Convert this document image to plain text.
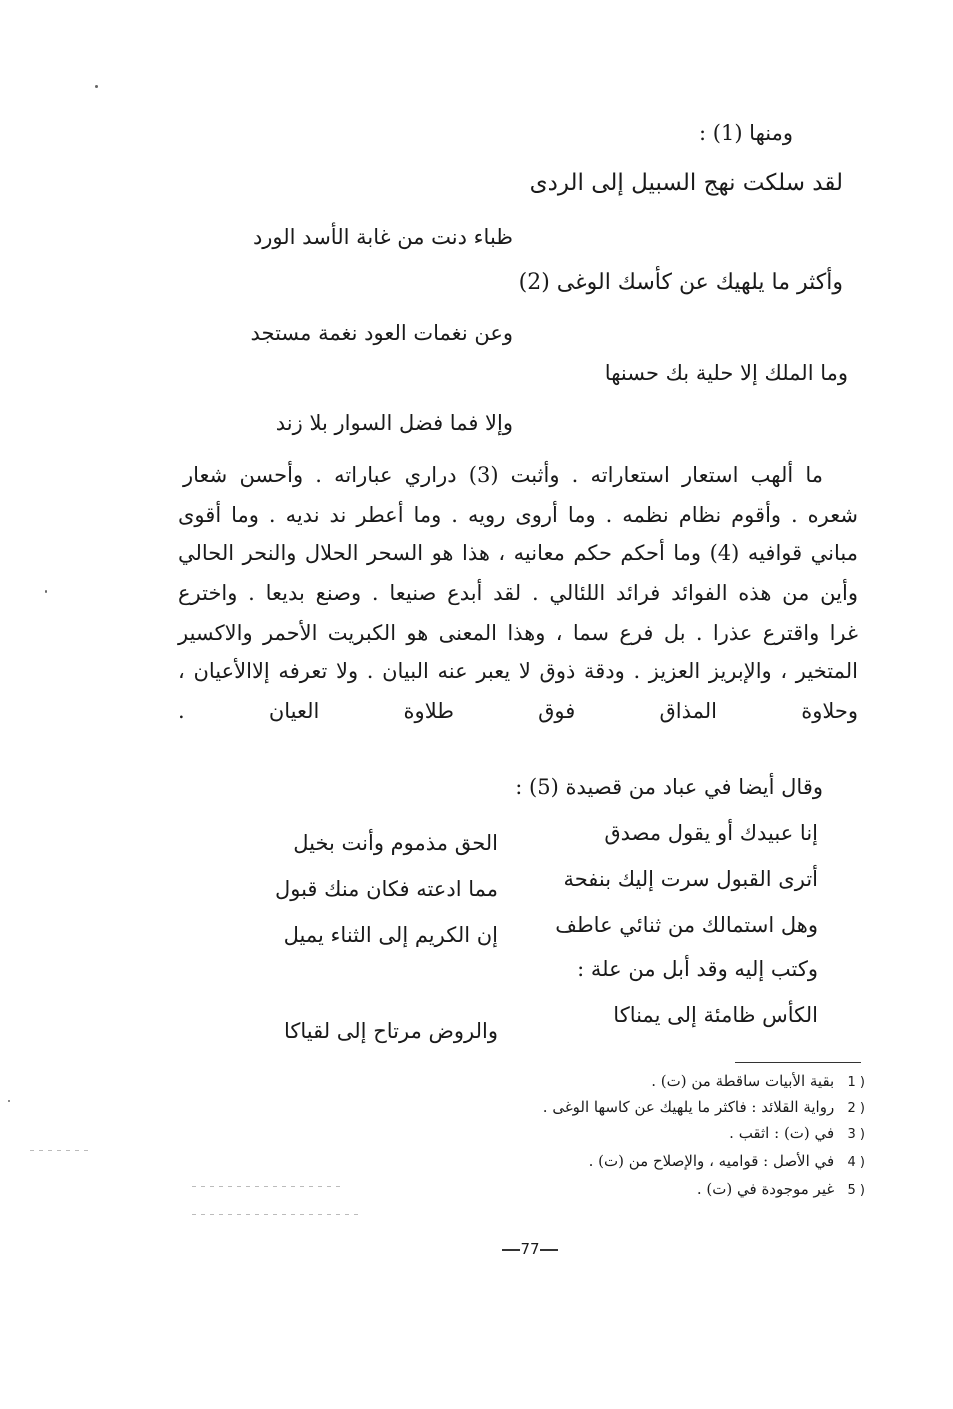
ومنها (1) :
لقد سلكت نهج السبيل إلى الردى
ظباء دنت من غابة الأسد الورد
وأكثر ما يلهيك عن كأسك الوغى (2)
وعن نغمات العود نغمة مستجد
وما الملك إلا حلية بك حسنها
وإلا فما فضل السوار بلا زند
ما ألهب استعار استعاراته . وأثبت (3) دراري عباراته . وأحسن شعار
شعره . وأقوم نظام نظمه . وما أروى رويه . وما أعطر ند نديه . وما أقوى
مباني قوافيه (4) وما أحكم حكم معانيه ، هذا هو السحر الحلال والنحر الحالي
وأين من هذه الفوائد فرائد اللئالي . لقد أبدع صنيعا . وصنع بديعا . واخترع
غرا واقترع عذرا . بل فرع سما ، وهذا المعنى هو الكبريت الأحمر والاكسير
المتخير ، والإبريز العزيز . ودقة ذوق لا يعبر عنه البيان . ولا تعرفه إلاالأعيان ،
وحلاوة المذاق فوق طلاوة العيان .
وقال أيضا في عباد من قصيدة (5) :
إنا عبيدك أو يقول مصدق
الحق مذموم وأنت بخيل
أترى القبول سرت إليك بنفحة
مما ادعته فكان منك قبول
وهل استمالك من ثنائي عاطف
إن الكريم إلى الثناء يميل
وكتب إليه وقد أبل من علة :
الكأس ظامئة إلى يمناكا
والروض مرتاح إلى لقياكا
( 1 بقية الأبيات ساقطة من (ت) .
( 2 رواية القلائد : فاكثر ما يلهيك عن كاسها الوغى .
( 3 في (ت) : اثقب .
( 4 في الأصل : قواميه ، والإصلاح من (ت) .
( 5 غير موجودة في (ت) .
77
